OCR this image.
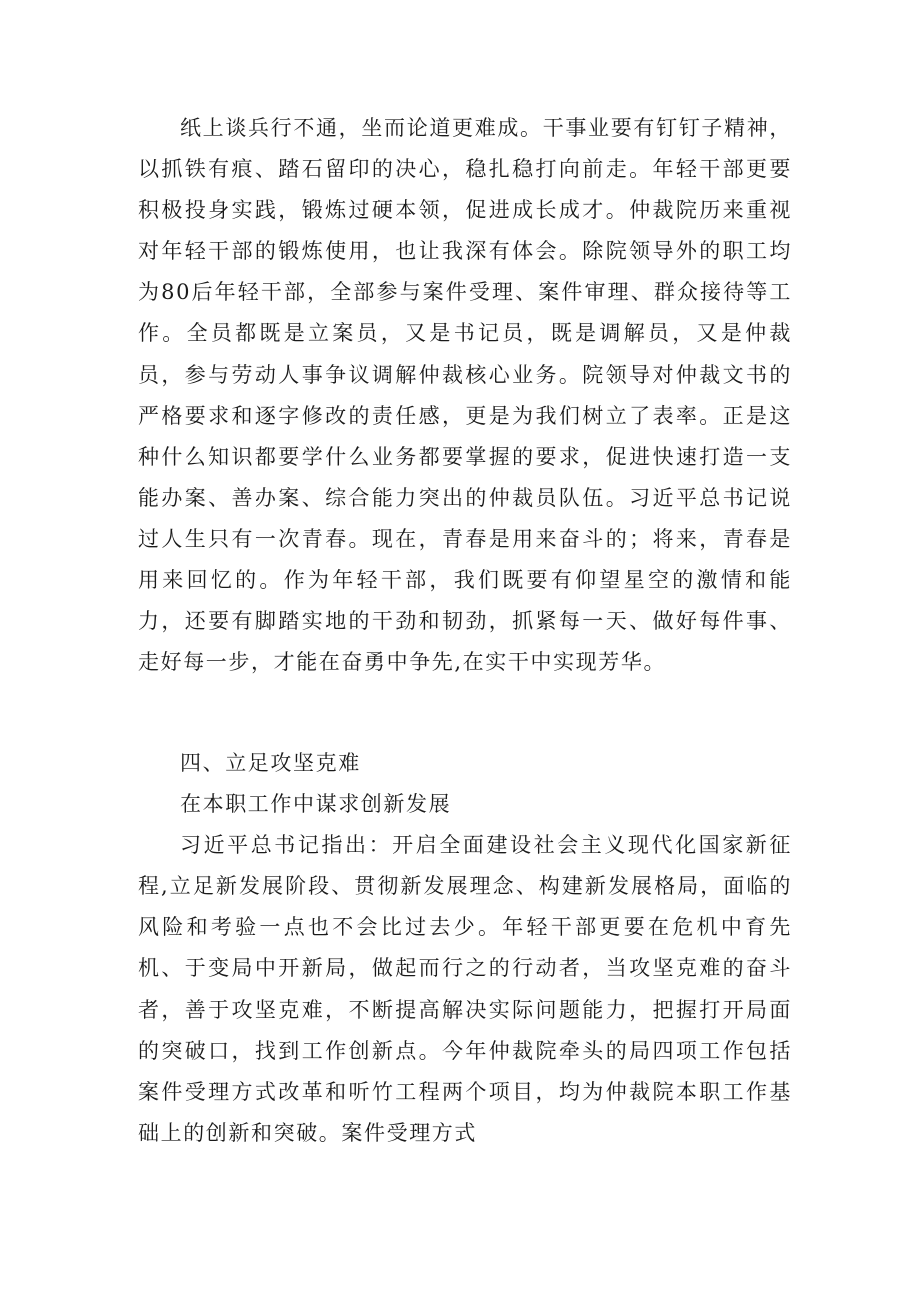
纸上谈兵行不通，坐而论道更难成。干事业要有钉钉子精神，以抓铁有痕、踏石留印的决心，稳扎稳打向前走。年轻干部更要积极投身实践，锻炼过硬本领，促进成长成才。仲裁院历来重视对年轻干部的锻炼使用，也让我深有体会。除院领导外的职工均为80后年轻干部，全部参与案件受理、案件审理、群众接待等工作。全员都既是立案员，又是书记员，既是调解员，又是仲裁员，参与劳动人事争议调解仲裁核心业务。院领导对仲裁文书的严格要求和逐字修改的责任感，更是为我们树立了表率。正是这种什么知识都要学什么业务都要掌握的要求，促进快速打造一支能办案、善办案、综合能力突出的仲裁员队伍。习近平总书记说过人生只有一次青春。现在，青春是用来奋斗的；将来，青春是用来回忆的。作为年轻干部，我们既要有仰望星空的激情和能力，还要有脚踏实地的干劲和韧劲，抓紧每一天、做好每件事、走好每一步，才能在奋勇中争先,在实干中实现芳华。

四、立足攻坚克难

在本职工作中谋求创新发展

习近平总书记指出：开启全面建设社会主义现代化国家新征程,立足新发展阶段、贯彻新发展理念、构建新发展格局，面临的风险和考验一点也不会比过去少。年轻干部更要在危机中育先机、于变局中开新局，做起而行之的行动者，当攻坚克难的奋斗者，善于攻坚克难，不断提高解决实际问题能力，把握打开局面的突破口，找到工作创新点。今年仲裁院牵头的局四项工作包括案件受理方式改革和听竹工程两个项目，均为仲裁院本职工作基础上的创新和突破。案件受理方式
